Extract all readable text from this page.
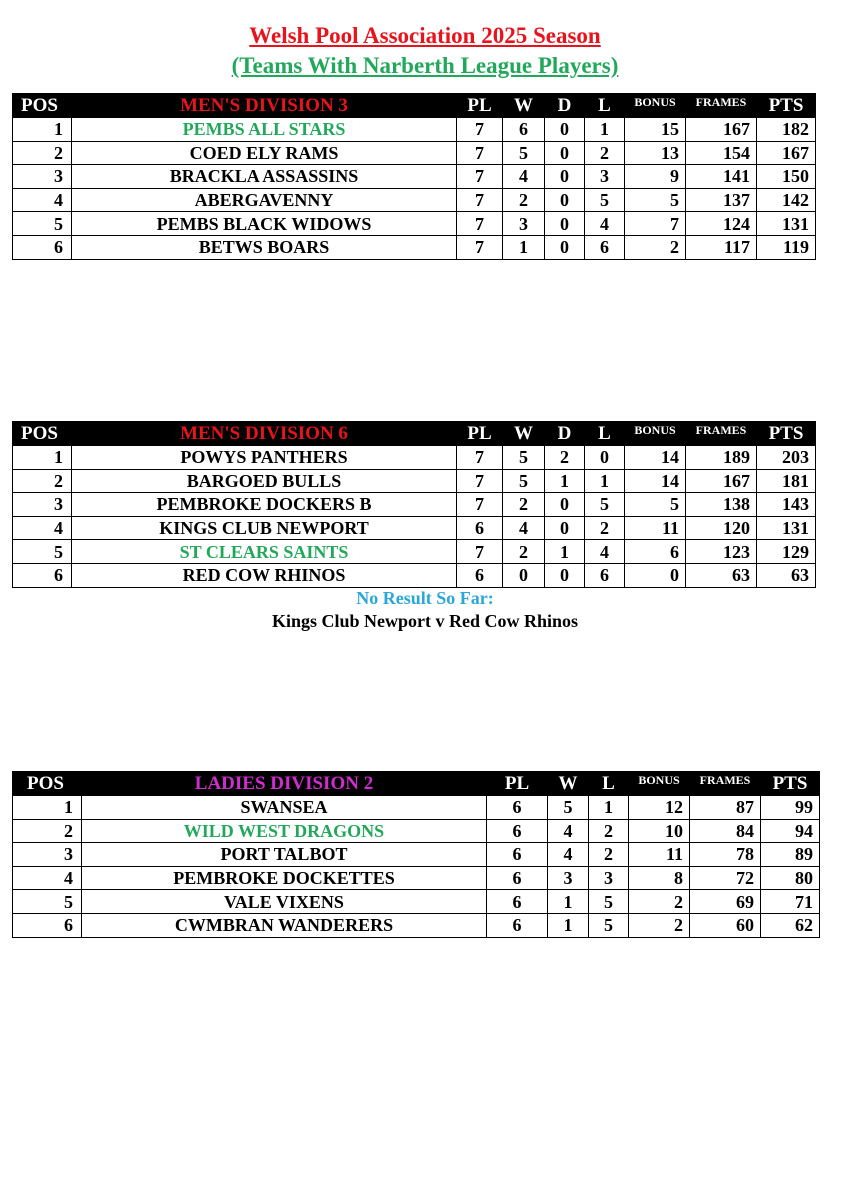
Welsh Pool Association 2025 Season
(Teams With Narberth League Players)
POS	MEN'S DIVISION 3	PL	W	D	L	BONUS	FRAMES	PTS
1	PEMBS ALL STARS	7	6	0	1	15	167	182
2	COED ELY RAMS	7	5	0	2	13	154	167
3	BRACKLA ASSASSINS	7	4	0	3	9	141	150
4	ABERGAVENNY	7	2	0	5	5	137	142
5	PEMBS BLACK WIDOWS	7	3	0	4	7	124	131
6	BETWS BOARS	7	1	0	6	2	117	119
POS	MEN'S DIVISION 6	PL	W	D	L	BONUS	FRAMES	PTS
1	POWYS PANTHERS	7	5	2	0	14	189	203
2	BARGOED BULLS	7	5	1	1	14	167	181
3	PEMBROKE DOCKERS B	7	2	0	5	5	138	143
4	KINGS CLUB NEWPORT	6	4	0	2	11	120	131
5	ST CLEARS SAINTS	7	2	1	4	6	123	129
6	RED COW RHINOS	6	0	0	6	0	63	63
No Result So Far:
Kings Club Newport v Red Cow Rhinos
POS	LADIES DIVISION 2	PL	W	L	BONUS	FRAMES	PTS
1	SWANSEA	6	5	1	12	87	99
2	WILD WEST DRAGONS	6	4	2	10	84	94
3	PORT TALBOT	6	4	2	11	78	89
4	PEMBROKE DOCKETTES	6	3	3	8	72	80
5	VALE VIXENS	6	1	5	2	69	71
6	CWMBRAN WANDERERS	6	1	5	2	60	62
